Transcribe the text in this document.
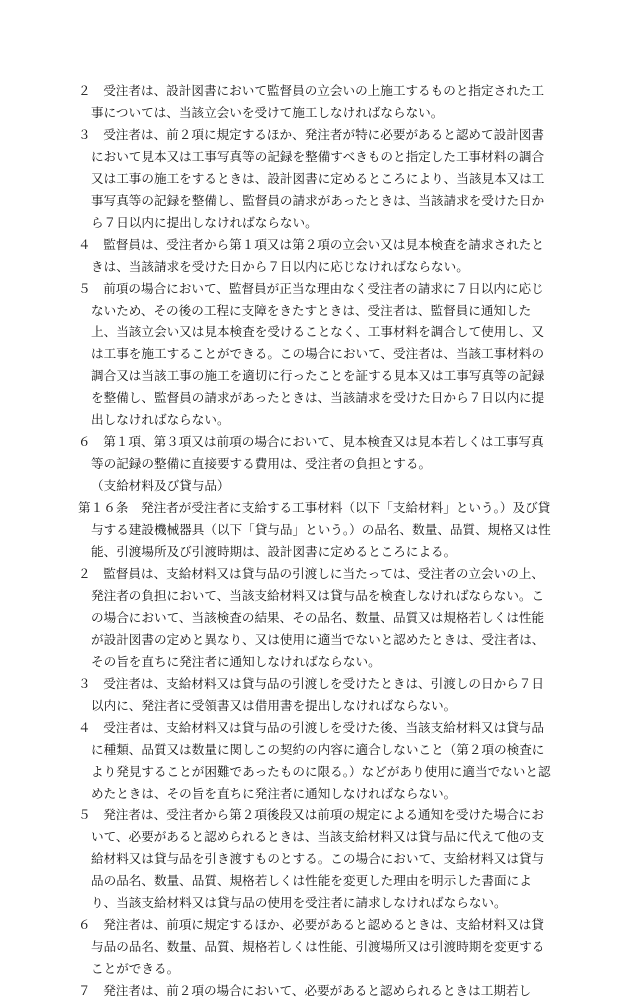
２　受注者は、設計図書において監督員の立会いの上施工するものと指定された工事については、当該立会いを受けて施工しなければならない。

３　受注者は、前２項に規定するほか、発注者が特に必要があると認めて設計図書において見本又は工事写真等の記録を整備すべきものと指定した工事材料の調合又は工事の施工をするときは、設計図書に定めるところにより、当該見本又は工事写真等の記録を整備し、監督員の請求があったときは、当該請求を受けた日から７日以内に提出しなければならない。

４　監督員は、受注者から第１項又は第２項の立会い又は見本検査を請求されたときは、当該請求を受けた日から７日以内に応じなければならない。

５　前項の場合において、監督員が正当な理由なく受注者の請求に７日以内に応じないため、その後の工程に支障をきたすときは、受注者は、監督員に通知した上、当該立会い又は見本検査を受けることなく、工事材料を調合して使用し、又は工事を施工することができる。この場合において、受注者は、当該工事材料の調合又は当該工事の施工を適切に行ったことを証する見本又は工事写真等の記録を整備し、監督員の請求があったときは、当該請求を受けた日から７日以内に提出しなければならない。

６　第１項、第３項又は前項の場合において、見本検査又は見本若しくは工事写真等の記録の整備に直接要する費用は、受注者の負担とする。

（支給材料及び貸与品）

第１６条　発注者が受注者に支給する工事材料（以下「支給材料」という。）及び貸与する建設機械器具（以下「貸与品」という。）の品名、数量、品質、規格又は性能、引渡場所及び引渡時期は、設計図書に定めるところによる。

２　監督員は、支給材料又は貸与品の引渡しに当たっては、受注者の立会いの上、発注者の負担において、当該支給材料又は貸与品を検査しなければならない。この場合において、当該検査の結果、その品名、数量、品質又は規格若しくは性能が設計図書の定めと異なり、又は使用に適当でないと認めたときは、受注者は、その旨を直ちに発注者に通知しなければならない。

３　受注者は、支給材料又は貸与品の引渡しを受けたときは、引渡しの日から７日以内に、発注者に受領書又は借用書を提出しなければならない。

４　受注者は、支給材料又は貸与品の引渡しを受けた後、当該支給材料又は貸与品に種類、品質又は数量に関しこの契約の内容に適合しないこと（第２項の検査により発見することが困難であったものに限る。）などがあり使用に適当でないと認めたときは、その旨を直ちに発注者に通知しなければならない。

５　発注者は、受注者から第２項後段又は前項の規定による通知を受けた場合において、必要があると認められるときは、当該支給材料又は貸与品に代えて他の支給材料又は貸与品を引き渡すものとする。この場合において、支給材料又は貸与品の品名、数量、品質、規格若しくは性能を変更した理由を明示した書面により、当該支給材料又は貸与品の使用を受注者に請求しなければならない。

６　発注者は、前項に規定するほか、必要があると認めるときは、支給材料又は貸与品の品名、数量、品質、規格若しくは性能、引渡場所又は引渡時期を変更することができる。

７　発注者は、前２項の場合において、必要があると認められるときは工期若し
